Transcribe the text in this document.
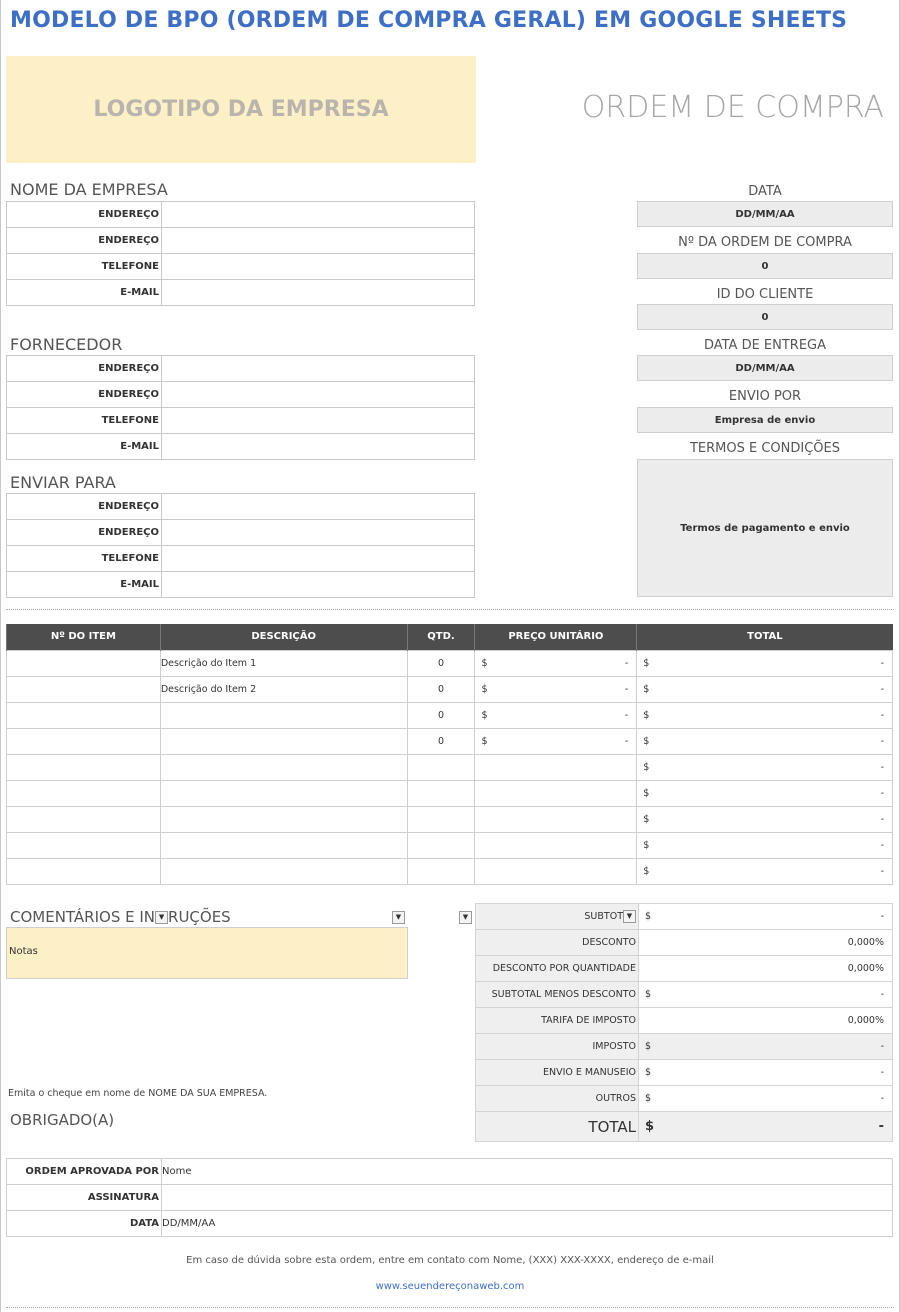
MODELO DE BPO (ORDEM DE COMPRA GERAL) EM GOOGLE SHEETS
LOGOTIPO DA EMPRESA	ORDEM DE COMPRA
NOME DA EMPRESA
ENDEREÇO	
ENDEREÇO	
TELEFONE	
E-MAIL	
FORNECEDOR
ENDEREÇO	
ENDEREÇO	
TELEFONE	
E-MAIL	
ENVIAR PARA
ENDEREÇO	
ENDEREÇO	
TELEFONE	
E-MAIL	
DATA
DD/MM/AA
Nº DA ORDEM DE COMPRA
0
ID DO CLIENTE
0
DATA DE ENTREGA
DD/MM/AA
ENVIO POR
Empresa de envio
TERMOS E CONDIÇÕES
Termos de pagamento e envio
Nº DO ITEM	DESCRIÇÃO	QTD.	PREÇO UNITÁRIO	TOTAL
	Descrição do Item 1	0	$ -	$ -

	Descrição do Item 2	0	$ -	$ -

		0	$ -	$ -

		0	$ -	$ -

				$ -

				$ -

				$ -

				$ -

				$ -
COMENTÁRIOS E IN ▼ RUÇÕES	▼	▼
Notas
SUBTOT ▼	$ -

DESCONTO	0,000%

DESCONTO POR QUANTIDADE	0,000%

SUBTOTAL MENOS DESCONTO	$ -

TARIFA DE IMPOSTO	0,000%

IMPOSTO	$ -

ENVIO E MANUSEIO	$ -

OUTROS	$ -

TOTAL	$ -
Emita o cheque em nome de NOME DA SUA EMPRESA.
OBRIGADO(A)
ORDEM APROVADA POR	Nome
ASSINATURA	
DATA	DD/MM/AA
Em caso de dúvida sobre esta ordem, entre em contato com Nome, (XXX) XXX-XXXX, endereço de e-mail
www.seuendereçonaweb.com
